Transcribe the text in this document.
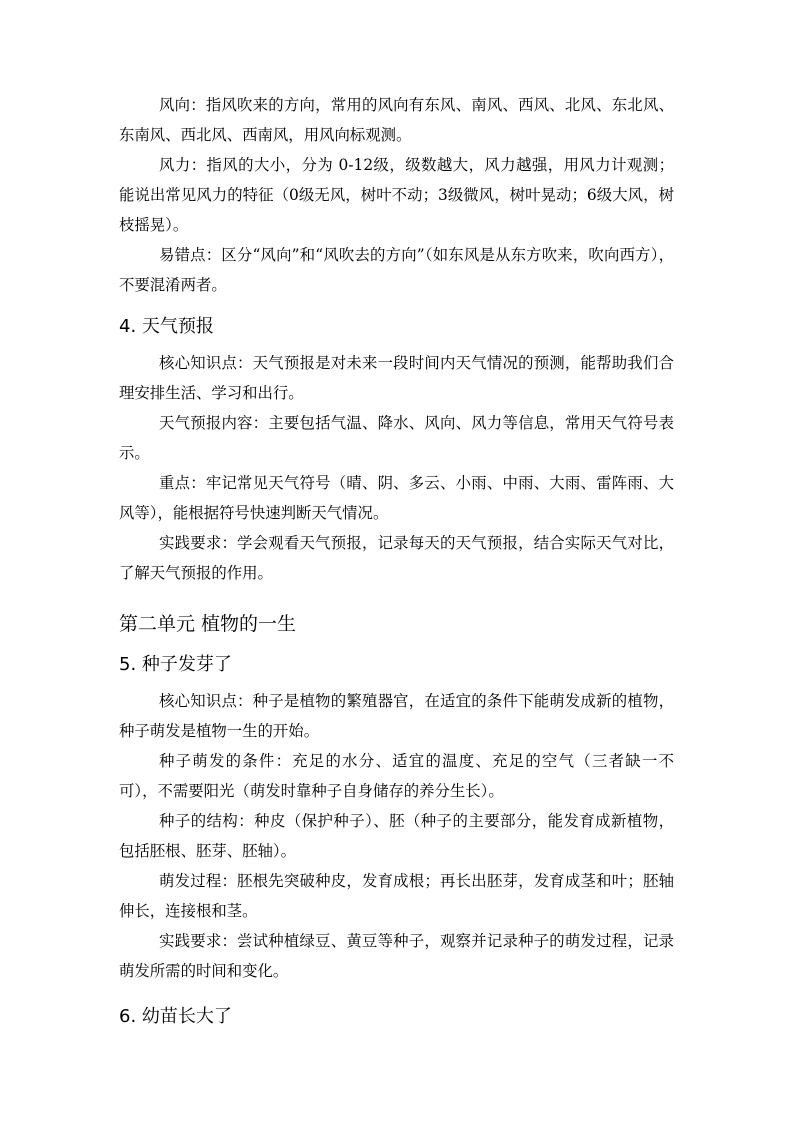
风向：指风吹来的方向，常用的风向有东风、南风、西风、北风、东北风、东南风、西北风、西南风，用风向标观测。

风力：指风的大小，分为 0-12级，级数越大，风力越强，用风力计观测；能说出常见风力的特征（0级无风，树叶不动；3级微风，树叶晃动；6级大风，树枝摇晃）。

易错点：区分“风向”和“风吹去的方向”（如东风是从东方吹来，吹向西方），不要混淆两者。

4. 天气预报

核心知识点：天气预报是对未来一段时间内天气情况的预测，能帮助我们合理安排生活、学习和出行。

天气预报内容：主要包括气温、降水、风向、风力等信息，常用天气符号表示。

重点：牢记常见天气符号（晴、阴、多云、小雨、中雨、大雨、雷阵雨、大风等），能根据符号快速判断天气情况。

实践要求：学会观看天气预报，记录每天的天气预报，结合实际天气对比，了解天气预报的作用。

第二单元 植物的一生
5. 种子发芽了

核心知识点：种子是植物的繁殖器官，在适宜的条件下能萌发成新的植物，种子萌发是植物一生的开始。

种子萌发的条件：充足的水分、适宜的温度、充足的空气（三者缺一不可），不需要阳光（萌发时靠种子自身储存的养分生长）。

种子的结构：种皮（保护种子）、胚（种子的主要部分，能发育成新植物，包括胚根、胚芽、胚轴）。

萌发过程：胚根先突破种皮，发育成根；再长出胚芽，发育成茎和叶；胚轴伸长，连接根和茎。

实践要求：尝试种植绿豆、黄豆等种子，观察并记录种子的萌发过程，记录萌发所需的时间和变化。

6. 幼苗长大了
